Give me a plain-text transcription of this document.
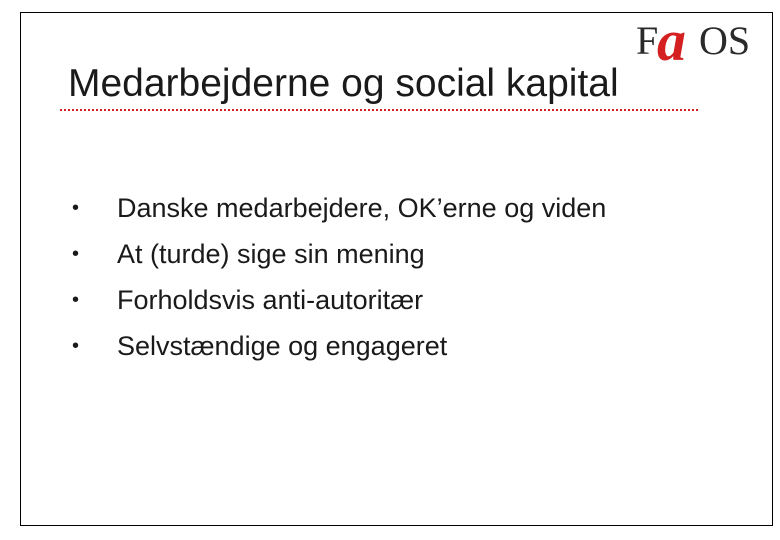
F
a OS
Medarbejderne og social kapital
• Danske medarbejdere, OK’erne og viden
• At (turde) sige sin mening
• Forholdsvis anti-autoritær
• Selvstændige og engageret
